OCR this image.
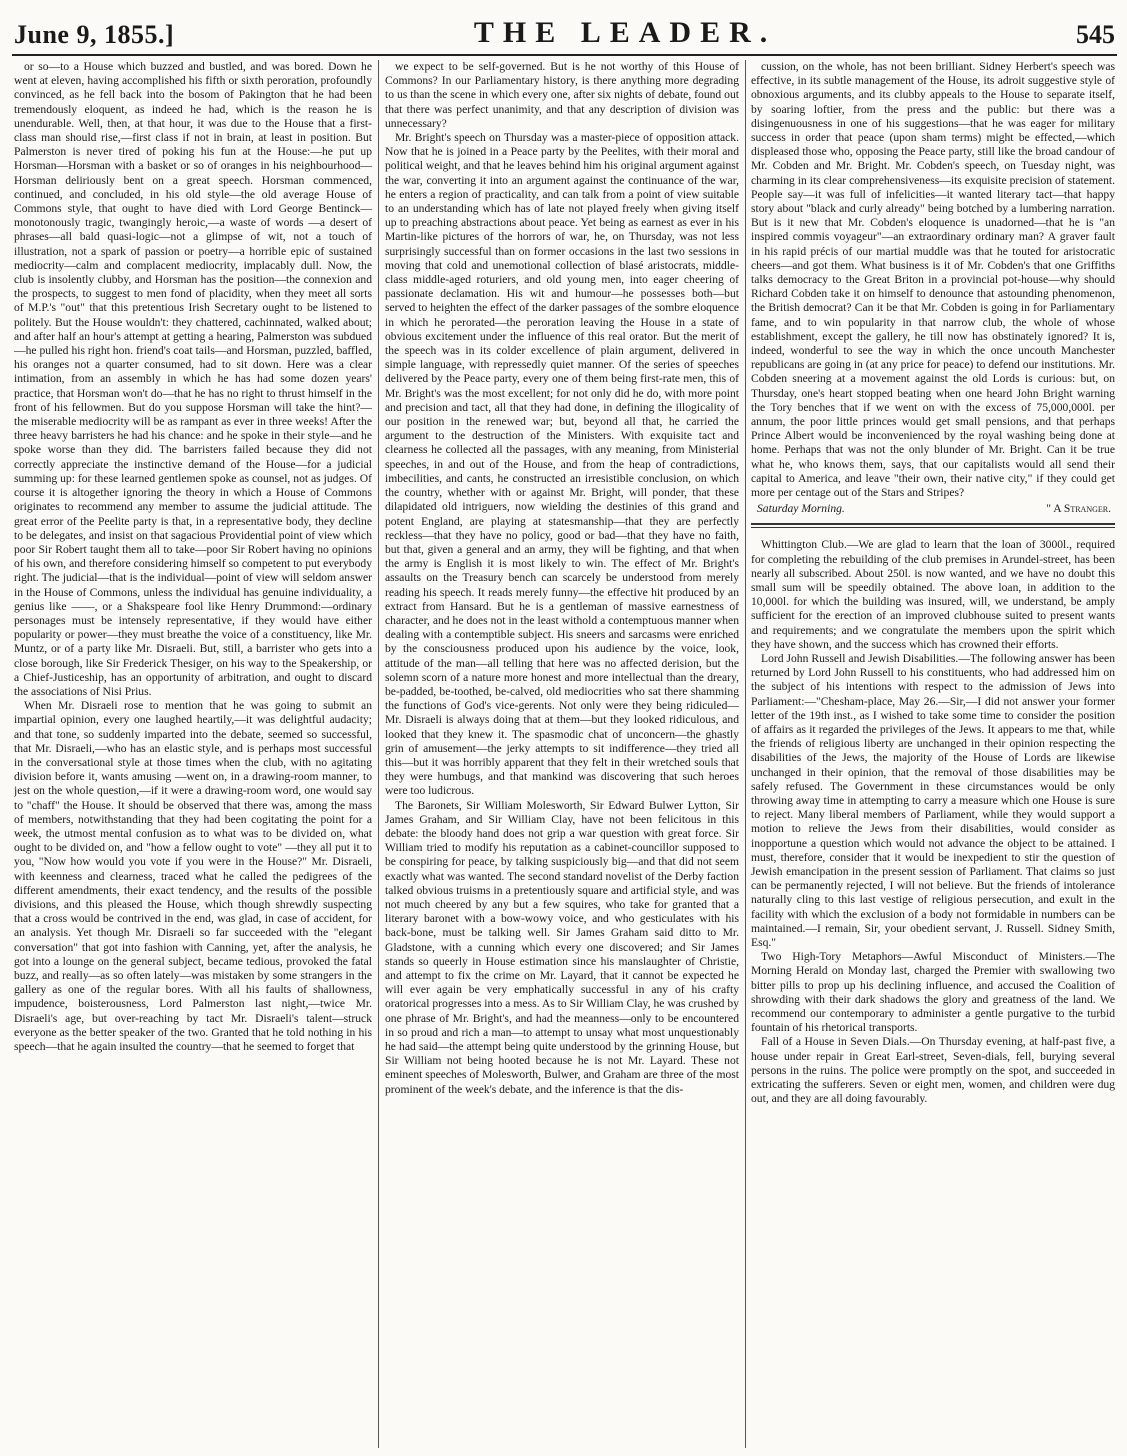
June 9, 1855.]	THE LEADER.	545

or so—to a House which buzzed and bustled, and was bored. Down he went at eleven, having accomplished his fifth or sixth peroration, profoundly convinced, as he fell back into the bosom of Pakington that he had been tremendously eloquent, as indeed he had, which is the reason he is unendurable. Well, then, at that hour, it was due to the House that a first-class man should rise,—first class if not in brain, at least in position. But Palmerston is never tired of poking his fun at the House:—he put up Horsman—Horsman with a basket or so of oranges in his neighbourhood—Horsman deliriously bent on a great speech. Horsman commenced, continued, and concluded, in his old style—the old average House of Commons style, that ought to have died with Lord George Bentinck—monotonously tragic, twangingly heroic,—a waste of words —a desert of phrases—all bald quasi-logic—not a glimpse of wit, not a touch of illustration, not a spark of passion or poetry—a horrible epic of sustained mediocrity—calm and complacent mediocrity, implacably dull. Now, the club is insolently clubby, and Horsman has the position—the connexion and the prospects, to suggest to men fond of placidity, when they meet all sorts of M.P.'s "out" that this pretentious Irish Secretary ought to be listened to politely. But the House wouldn't: they chattered, cachinnated, walked about; and after half an hour's attempt at getting a hearing, Palmerston was subdued—he pulled his right hon. friend's coat tails—and Horsman, puzzled, baffled, his oranges not a quarter consumed, had to sit down. Here was a clear intimation, from an assembly in which he has had some dozen years' practice, that Horsman won't do—that he has no right to thrust himself in the front of his fellowmen. But do you suppose Horsman will take the hint?—the miserable mediocrity will be as rampant as ever in three weeks! After the three heavy barristers he had his chance: and he spoke in their style—and he spoke worse than they did. The barristers failed because they did not correctly appreciate the instinctive demand of the House—for a judicial summing up: for these learned gentlemen spoke as counsel, not as judges. Of course it is altogether ignoring the theory in which a House of Commons originates to recommend any member to assume the judicial attitude. The great error of the Peelite party is that, in a representative body, they decline to be delegates, and insist on that sagacious Providential point of view which poor Sir Robert taught them all to take—poor Sir Robert having no opinions of his own, and therefore considering himself so competent to put everybody right. The judicial—that is the individual—point of view will seldom answer in the House of Commons, unless the individual has genuine individuality, a genius like ——, or a Shakspeare fool like Henry Drummond:—ordinary personages must be intensely representative, if they would have either popularity or power—they must breathe the voice of a constituency, like Mr. Muntz, or of a party like Mr. Disraeli. But, still, a barrister who gets into a close borough, like Sir Frederick Thesiger, on his way to the Speakership, or a Chief-Justiceship, has an opportunity of arbitration, and ought to discard the associations of Nisi Prius.

When Mr. Disraeli rose to mention that he was going to submit an impartial opinion, every one laughed heartily,—it was delightful audacity; and that tone, so suddenly imparted into the debate, seemed so successful, that Mr. Disraeli,—who has an elastic style, and is perhaps most successful in the conversational style at those times when the club, with no agitating division before it, wants amusing —went on, in a drawing-room manner, to jest on the whole question,—if it were a drawing-room word, one would say to "chaff" the House. It should be observed that there was, among the mass of members, notwithstanding that they had been cogitating the point for a week, the utmost mental confusion as to what was to be divided on, what ought to be divided on, and "how a fellow ought to vote" —they all put it to you, "Now how would you vote if you were in the House?" Mr. Disraeli, with keenness and clearness, traced what he called the pedigrees of the different amendments, their exact tendency, and the results of the possible divisions, and this pleased the House, which though shrewdly suspecting that a cross would be contrived in the end, was glad, in case of accident, for an analysis. Yet though Mr. Disraeli so far succeeded with the "elegant conversation" that got into fashion with Canning, yet, after the analysis, he got into a lounge on the general subject, became tedious, provoked the fatal buzz, and really—as so often lately—was mistaken by some strangers in the gallery as one of the regular bores. With all his faults of shallowness, impudence, boisterousness, Lord Palmerston last night,—twice Mr. Disraeli's age, but over-reaching by tact Mr. Disraeli's talent—struck everyone as the better speaker of the two. Granted that he told nothing in his speech—that he again insulted the country—that he seemed to forget that

we expect to be self-governed. But is he not worthy of this House of Commons? In our Parliamentary history, is there anything more degrading to us than the scene in which every one, after six nights of debate, found out that there was perfect unanimity, and that any description of division was unnecessary?

Mr. Bright's speech on Thursday was a master-piece of opposition attack. Now that he is joined in a Peace party by the Peelites, with their moral and political weight, and that he leaves behind him his original argument against the war, converting it into an argument against the continuance of the war, he enters a region of practicality, and can talk from a point of view suitable to an understanding which has of late not played freely when giving itself up to preaching abstractions about peace. Yet being as earnest as ever in his Martin-like pictures of the horrors of war, he, on Thursday, was not less surprisingly successful than on former occasions in the last two sessions in moving that cold and unemotional collection of blasé aristocrats, middle-class middle-aged roturiers, and old young men, into eager cheering of passionate declamation. His wit and humour—he possesses both—but served to heighten the effect of the darker passages of the sombre eloquence in which he perorated—the peroration leaving the House in a state of obvious excitement under the influence of this real orator. But the merit of the speech was in its colder excellence of plain argument, delivered in simple language, with repressedly quiet manner. Of the series of speeches delivered by the Peace party, every one of them being first-rate men, this of Mr. Bright's was the most excellent; for not only did he do, with more point and precision and tact, all that they had done, in defining the illogicality of our position in the renewed war; but, beyond all that, he carried the argument to the destruction of the Ministers. With exquisite tact and clearness he collected all the passages, with any meaning, from Ministerial speeches, in and out of the House, and from the heap of contradictions, imbecilities, and cants, he constructed an irresistible conclusion, on which the country, whether with or against Mr. Bright, will ponder, that these dilapidated old intriguers, now wielding the destinies of this grand and potent England, are playing at statesmanship—that they are perfectly reckless—that they have no policy, good or bad—that they have no faith, but that, given a general and an army, they will be fighting, and that when the army is English it is most likely to win. The effect of Mr. Bright's assaults on the Treasury bench can scarcely be understood from merely reading his speech. It reads merely funny—the effective hit produced by an extract from Hansard. But he is a gentleman of massive earnestness of character, and he does not in the least withold a contemptuous manner when dealing with a contemptible subject. His sneers and sarcasms were enriched by the consciousness produced upon his audience by the voice, look, attitude of the man—all telling that here was no affected derision, but the solemn scorn of a nature more honest and more intellectual than the dreary, be-padded, be-toothed, be-calved, old mediocrities who sat there shamming the functions of God's vice-gerents. Not only were they being ridiculed—Mr. Disraeli is always doing that at them—but they looked ridiculous, and looked that they knew it. The spasmodic chat of unconcern—the ghastly grin of amusement—the jerky attempts to sit indifference—they tried all this—but it was horribly apparent that they felt in their wretched souls that they were humbugs, and that mankind was discovering that such heroes were too ludicrous.

The Baronets, Sir William Molesworth, Sir Edward Bulwer Lytton, Sir James Graham, and Sir William Clay, have not been felicitous in this debate: the bloody hand does not grip a war question with great force. Sir William tried to modify his reputation as a cabinet-councillor supposed to be conspiring for peace, by talking suspiciously big—and that did not seem exactly what was wanted. The second standard novelist of the Derby faction talked obvious truisms in a pretentiously square and artificial style, and was not much cheered by any but a few squires, who take for granted that a literary baronet with a bow-wowy voice, and who gesticulates with his back-bone, must be talking well. Sir James Graham said ditto to Mr. Gladstone, with a cunning which every one discovered; and Sir James stands so queerly in House estimation since his manslaughter of Christie, and attempt to fix the crime on Mr. Layard, that it cannot be expected he will ever again be very emphatically successful in any of his crafty oratorical progresses into a mess. As to Sir William Clay, he was crushed by one phrase of Mr. Bright's, and had the meanness—only to be encountered in so proud and rich a man—to attempt to unsay what most unquestionably he had said—the attempt being quite understood by the grinning House, but Sir William not being hooted because he is not Mr. Layard. These not eminent speeches of Molesworth, Bulwer, and Graham are three of the most prominent of the week's debate, and the inference is that the dis-

cussion, on the whole, has not been brilliant. Sidney Herbert's speech was effective, in its subtle management of the House, its adroit suggestive style of obnoxious arguments, and its clubby appeals to the House to separate itself, by soaring loftier, from the press and the public: but there was a disingenuousness in one of his suggestions—that he was eager for military success in order that peace (upon sham terms) might be effected,—which displeased those who, opposing the Peace party, still like the broad candour of Mr. Cobden and Mr. Bright. Mr. Cobden's speech, on Tuesday night, was charming in its clear comprehensiveness—its exquisite precision of statement. People say—it was full of infelicities—it wanted literary tact—that happy story about "black and curly already" being botched by a lumbering narration. But is it new that Mr. Cobden's eloquence is unadorned—that he is "an inspired commis voyageur"—an extraordinary ordinary man? A graver fault in his rapid précis of our martial muddle was that he touted for aristocratic cheers—and got them. What business is it of Mr. Cobden's that one Griffiths talks democracy to the Great Briton in a provincial pot-house—why should Richard Cobden take it on himself to denounce that astounding phenomenon, the British democrat? Can it be that Mr. Cobden is going in for Parliamentary fame, and to win popularity in that narrow club, the whole of whose establishment, except the gallery, he till now has obstinately ignored? It is, indeed, wonderful to see the way in which the once uncouth Manchester republicans are going in (at any price for peace) to defend our institutions. Mr. Cobden sneering at a movement against the old Lords is curious: but, on Thursday, one's heart stopped beating when one heard John Bright warning the Tory benches that if we went on with the excess of 75,000,000l. per annum, the poor little princes would get small pensions, and that perhaps Prince Albert would be inconvenienced by the royal washing being done at home. Perhaps that was not the only blunder of Mr. Bright. Can it be true what he, who knows them, says, that our capitalists would all send their capital to America, and leave "their own, their native city," if they could get more per centage out of the Stars and Stripes?

Saturday Morning.	" A Stranger.

Whittington Club.—We are glad to learn that the loan of 3000l., required for completing the rebuilding of the club premises in Arundel-street, has been nearly all subscribed. About 250l. is now wanted, and we have no doubt this small sum will be speedily obtained. The above loan, in addition to the 10,000l. for which the building was insured, will, we understand, be amply sufficient for the erection of an improved clubhouse suited to present wants and requirements; and we congratulate the members upon the spirit which they have shown, and the success which has crowned their efforts.

Lord John Russell and Jewish Disabilities.—The following answer has been returned by Lord John Russell to his constituents, who had addressed him on the subject of his intentions with respect to the admission of Jews into Parliament:—"Chesham-place, May 26.—Sir,—I did not answer your former letter of the 19th inst., as I wished to take some time to consider the position of affairs as it regarded the privileges of the Jews. It appears to me that, while the friends of religious liberty are unchanged in their opinion respecting the disabilities of the Jews, the majority of the House of Lords are likewise unchanged in their opinion, that the removal of those disabilities may be safely refused. The Government in these circumstances would be only throwing away time in attempting to carry a measure which one House is sure to reject. Many liberal members of Parliament, while they would support a motion to relieve the Jews from their disabilities, would consider as inopportune a question which would not advance the object to be attained. I must, therefore, consider that it would be inexpedient to stir the question of Jewish emancipation in the present session of Parliament. That claims so just can be permanently rejected, I will not believe. But the friends of intolerance naturally cling to this last vestige of religious persecution, and exult in the facility with which the exclusion of a body not formidable in numbers can be maintained.—I remain, Sir, your obedient servant, J. Russell. Sidney Smith, Esq."

Two High-Tory Metaphors—Awful Misconduct of Ministers.—The Morning Herald on Monday last, charged the Premier with swallowing two bitter pills to prop up his declining influence, and accused the Coalition of shrowding with their dark shadows the glory and greatness of the land. We recommend our contemporary to administer a gentle purgative to the turbid fountain of his rhetorical transports.

Fall of a House in Seven Dials.—On Thursday evening, at half-past five, a house under repair in Great Earl-street, Seven-dials, fell, burying several persons in the ruins. The police were promptly on the spot, and succeeded in extricating the sufferers. Seven or eight men, women, and children were dug out, and they are all doing favourably.
